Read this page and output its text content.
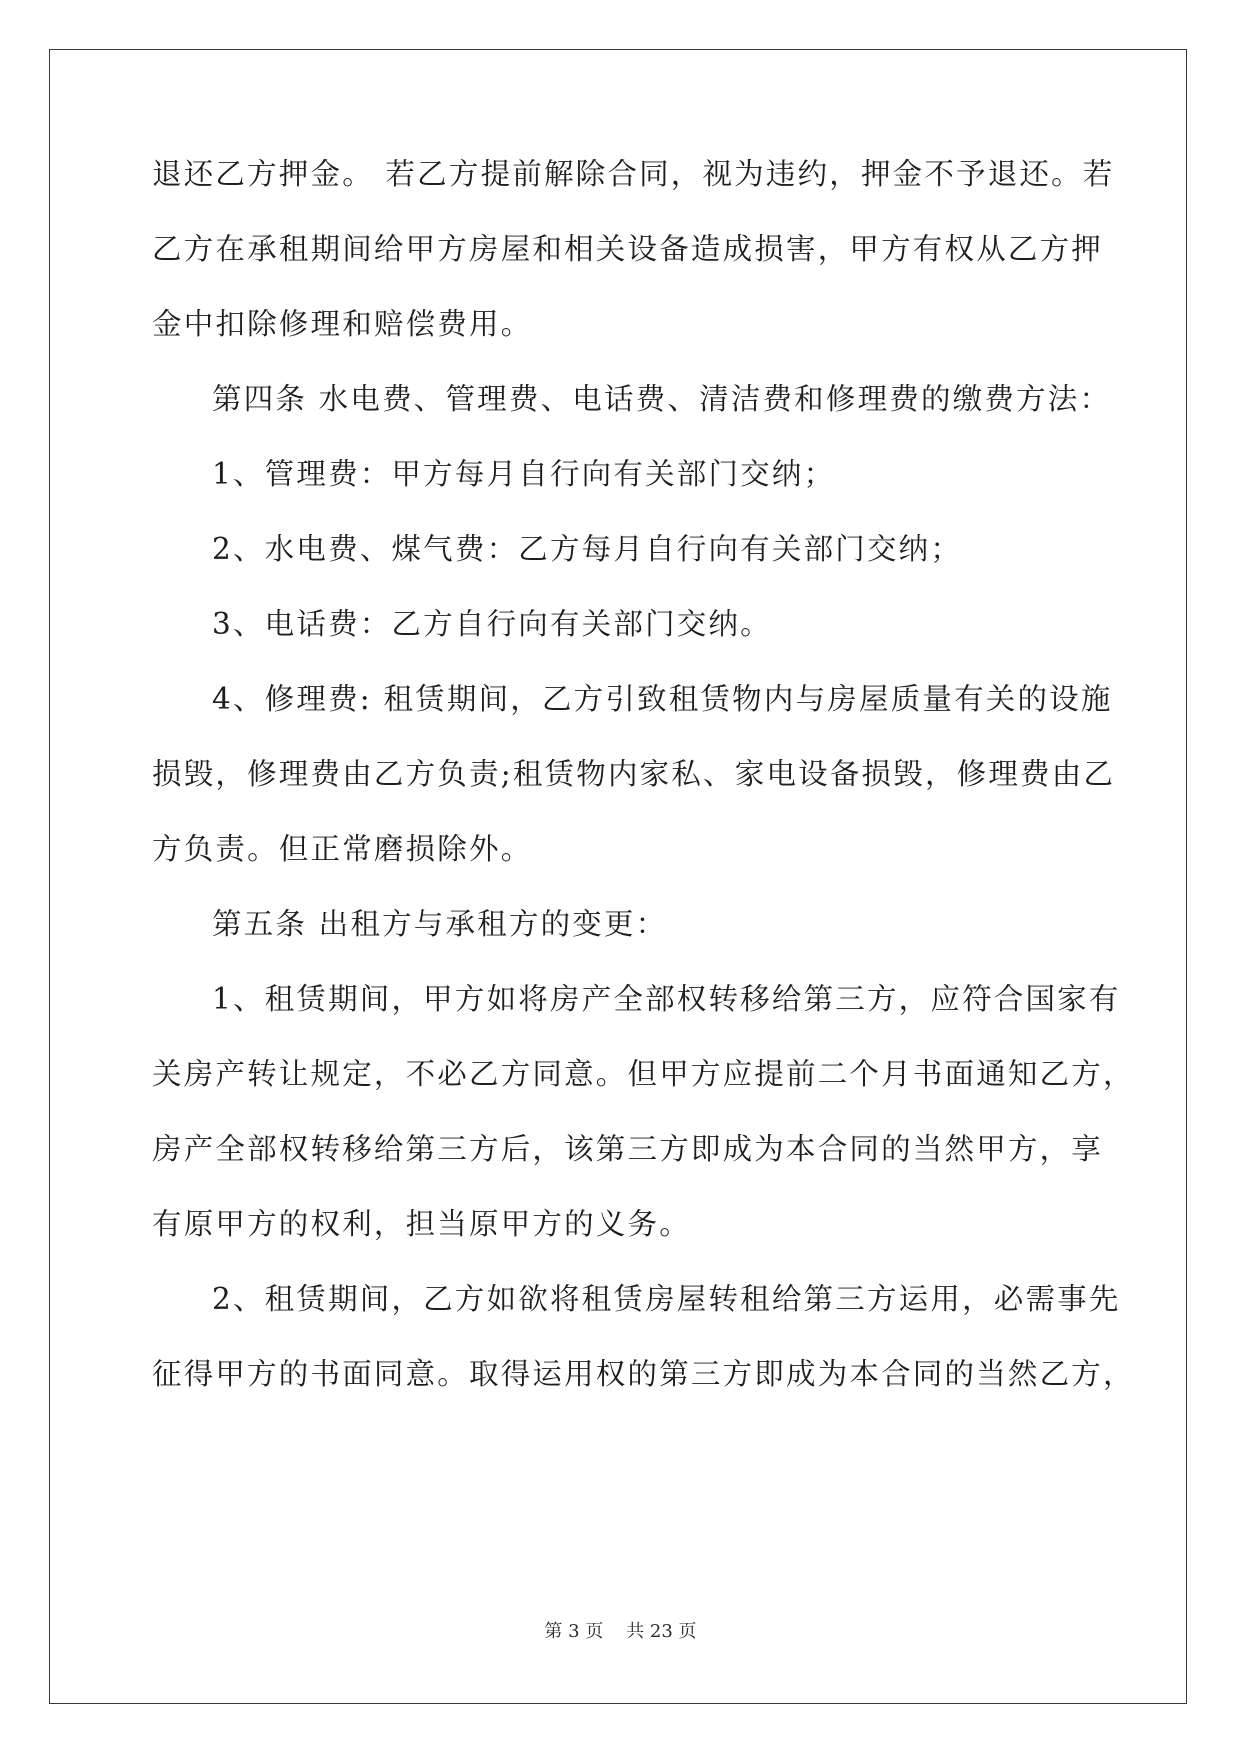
退还乙方押金。 若乙方提前解除合同，视为违约，押金不予退还。若
乙方在承租期间给甲方房屋和相关设备造成损害，甲方有权从乙方押
金中扣除修理和赔偿费用。
第四条 水电费、管理费、电话费、清洁费和修理费的缴费方法：
1、管理费：甲方每月自行向有关部门交纳；
2、水电费、煤气费：乙方每月自行向有关部门交纳；
3、电话费：乙方自行向有关部门交纳。
4、修理费: 租赁期间，乙方引致租赁物内与房屋质量有关的设施
损毁，修理费由乙方负责;租赁物内家私、家电设备损毁，修理费由乙
方负责。但正常磨损除外。
第五条 出租方与承租方的变更：
1、租赁期间，甲方如将房产全部权转移给第三方，应符合国家有
关房产转让规定，不必乙方同意。但甲方应提前二个月书面通知乙方，
房产全部权转移给第三方后，该第三方即成为本合同的当然甲方，享
有原甲方的权利，担当原甲方的义务。
2、租赁期间，乙方如欲将租赁房屋转租给第三方运用，必需事先
征得甲方的书面同意。取得运用权的第三方即成为本合同的当然乙方，
第 3 页    共 23 页
